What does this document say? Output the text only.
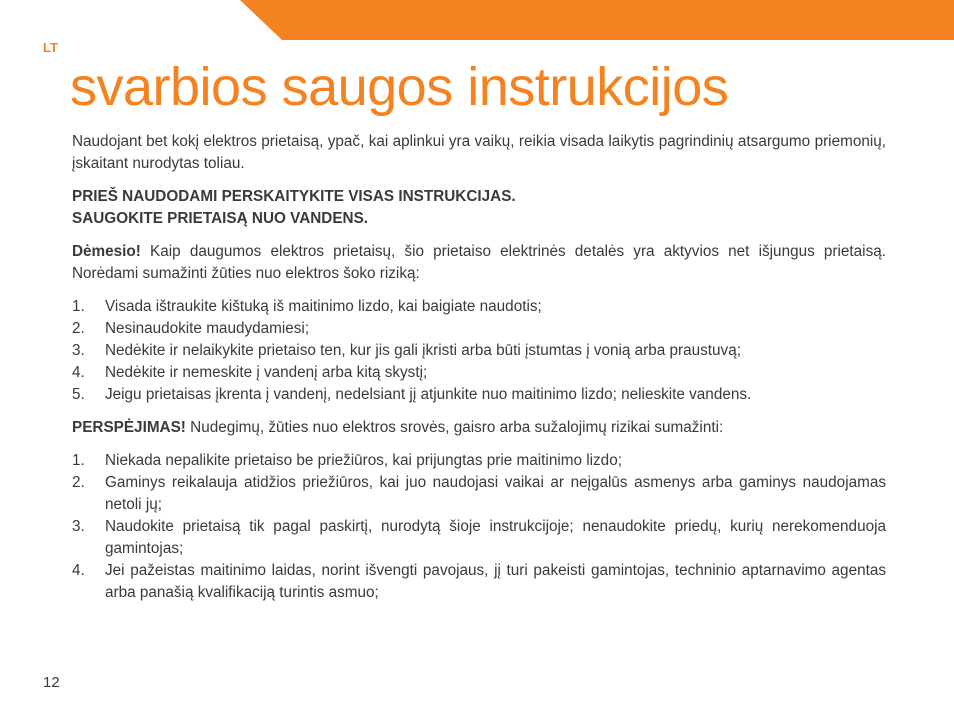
LT
svarbios saugos instrukcijos

Naudojant bet kokį elektros prietaisą, ypač, kai aplinkui yra vaikų, reikia visada laikytis pagrindinių atsargumo priemonių, įskaitant nurodytas toliau.

PRIEŠ NAUDODAMI PERSKAITYKITE VISAS INSTRUKCIJAS.
SAUGOKITE PRIETAISĄ NUO VANDENS.

Dėmesio! Kaip daugumos elektros prietaisų, šio prietaiso elektrinės detalės yra aktyvios net išjungus prietaisą. Norėdami sumažinti žūties nuo elektros šoko riziką:

1. Visada ištraukite kištuką iš maitinimo lizdo, kai baigiate naudotis;
2. Nesinaudokite maudydamiesi;
3. Nedėkite ir nelaikykite prietaiso ten, kur jis gali įkristi arba būti įstumtas į vonią arba praustuvą;
4. Nedėkite ir nemeskite į vandenį arba kitą skystį;
5. Jeigu prietaisas įkrenta į vandenį, nedelsiant jį atjunkite nuo maitinimo lizdo; nelieskite vandens.

PERSPĖJIMAS! Nudegimų, žūties nuo elektros srovės, gaisro arba sužalojimų rizikai sumažinti:

1. Niekada nepalikite prietaiso be priežiūros, kai prijungtas prie maitinimo lizdo;
2. Gaminys reikalauja atidžios priežiūros, kai juo naudojasi vaikai ar neįgalūs asmenys arba gaminys naudojamas netoli jų;
3. Naudokite prietaisą tik pagal paskirtį, nurodytą šioje instrukcijoje; nenaudokite priedų, kurių nerekomenduoja gamintojas;
4. Jei pažeistas maitinimo laidas, norint išvengti pavojaus, jį turi pakeisti gamintojas, techninio aptarnavimo agentas arba panašią kvalifikaciją turintis asmuo;
12
